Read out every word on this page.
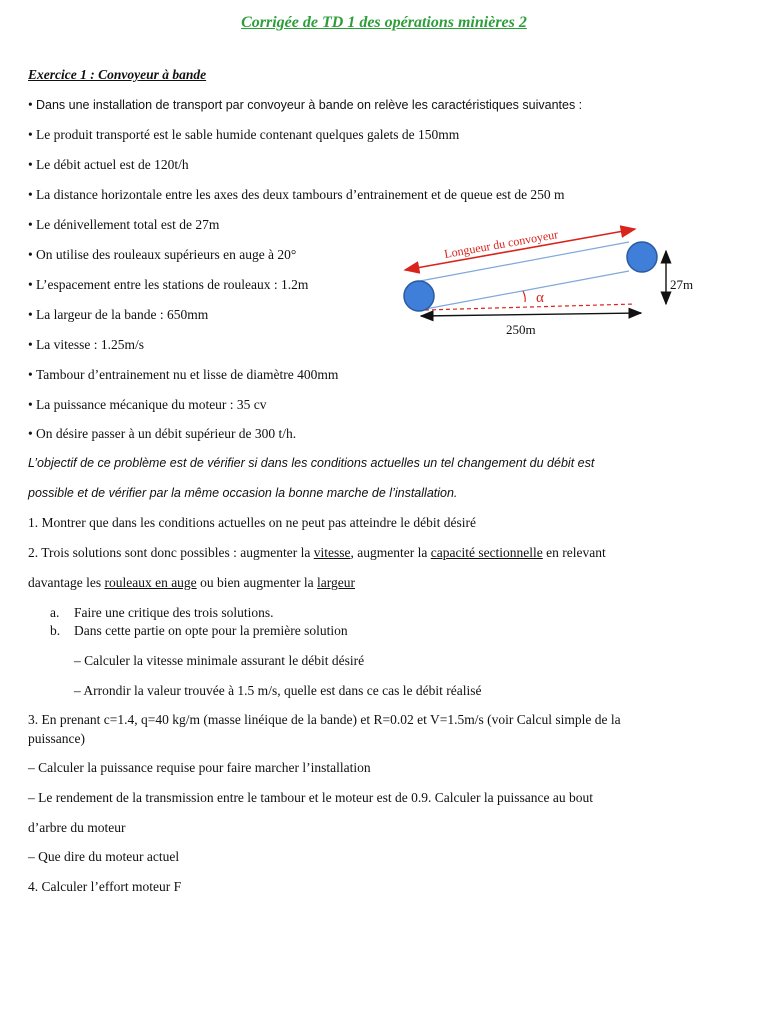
Corrigée de TD 1 des opérations minières 2
Exercice 1 : Convoyeur à bande
• Dans une installation de transport par convoyeur à bande on relève les caractéristiques suivantes :
• Le produit transporté est le sable humide contenant quelques galets de 150mm
• Le débit actuel est de 120t/h
• La distance horizontale entre les axes des deux tambours d’entrainement et de queue est de 250 m
• Le dénivellement total est de 27m
• On utilise des rouleaux supérieurs en auge à 20°
• L’espacement entre les stations de rouleaux : 1.2m
• La largeur de la bande : 650mm
• La vitesse : 1.25m/s
• Tambour d’entrainement nu et lisse de diamètre 400mm
• La puissance mécanique du moteur : 35 cv
• On désire passer à un débit supérieur de 300 t/h.
L’objectif de ce problème est de vérifier si dans les conditions actuelles un tel changement du débit est
possible et de vérifier par la même occasion la bonne marche de l’installation.
1. Montrer que dans les conditions actuelles on ne peut pas atteindre le débit désiré
2. Trois solutions sont donc possibles : augmenter la vitesse, augmenter la capacité sectionnelle en relevant
davantage les rouleaux en auge ou bien augmenter la largeur
a. Faire une critique des trois solutions.
b. Dans cette partie on opte pour la première solution
– Calculer la vitesse minimale assurant le débit désiré
– Arrondir la valeur trouvée à 1.5 m/s, quelle est dans ce cas le débit réalisé
3. En prenant c=1.4, q=40 kg/m (masse linéique de la bande) et R=0.02 et V=1.5m/s (voir Calcul simple de la
puissance)
– Calculer la puissance requise pour faire marcher l’installation
– Le rendement de la transmission entre le tambour et le moteur est de 0.9. Calculer la puissance au bout
d’arbre du moteur
– Que dire du moteur actuel
4. Calculer l’effort moteur F
α
Longueur du convoyeur
27m
250m
